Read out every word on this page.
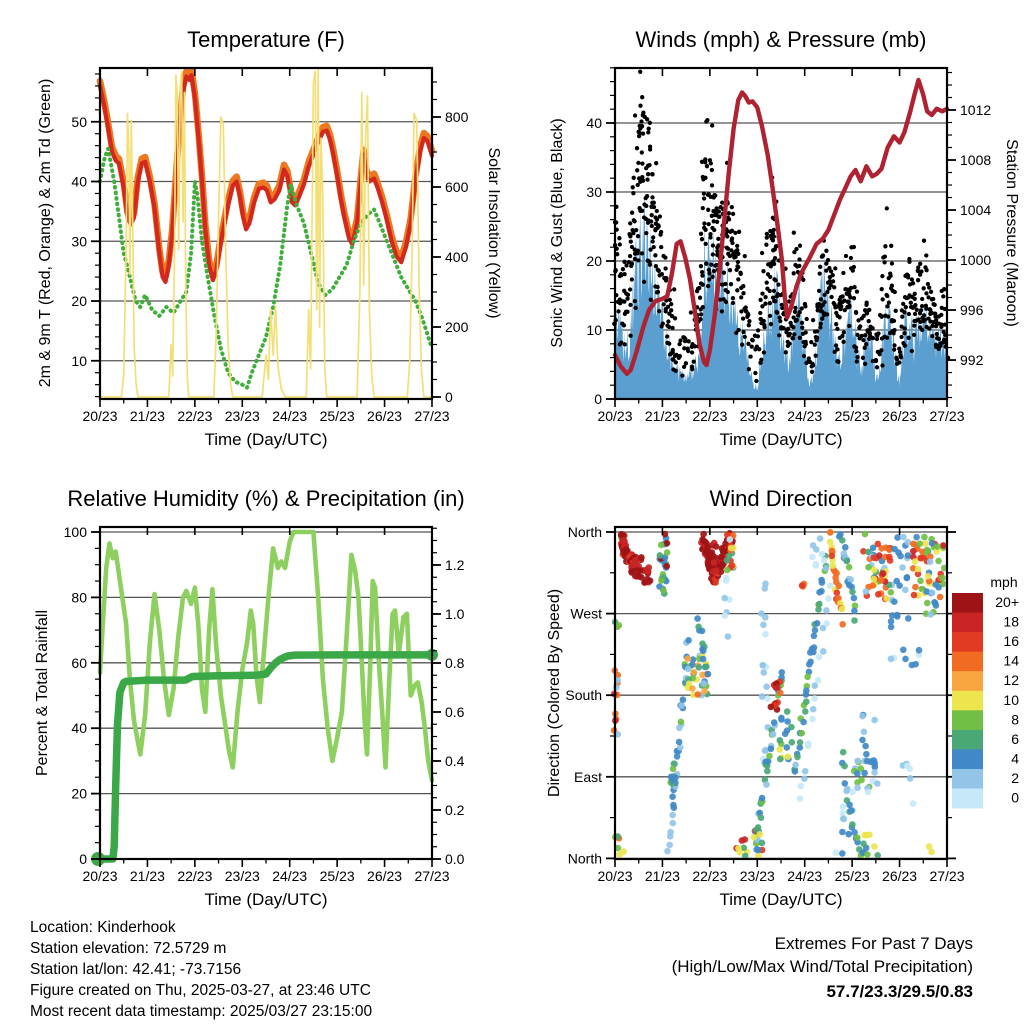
20/23 21/23 22/23 23/23 24/23 25/23 26/23 27/23
10
20
30
40
50
0
200
400
600
800
20/23 21/23 22/23 23/23 24/23 25/23 26/23 27/23
0
10
20
30
40
992
996
1000
1004
1008
1012
20/23 21/23 22/23 23/23 24/23 25/23 26/23 27/23
0
20
40
60
80
100
0.0
0.2
0.4
0.6
0.8
1.0
1.2
20/23 21/23 22/23 23/23 24/23 25/23 26/23 27/23
North
West
South
East
North
20+
18
16
14
12
10
8
6
4
2
0
Temperature (F)	Winds (mph) & Pressure (mb)
Relative Humidity (%) & Precipitation (in)	Wind Direction
2m & 9m T (Red, Orange) & 2m Td (Green)	Solar Insolation (Yellow)	Sonic Wind & Gust (Blue, Black)	Station Pressure (Maroon)
Percent & Total Rainfall	Direction (Colored By Speed)
Time (Day/UTC)	Time (Day/UTC)
Time (Day/UTC)	Time (Day/UTC)
mph
Location: Kinderhook
Station elevation: 72.5729 m
Station lat/lon: 42.41; -73.7156
Figure created on Thu, 2025-03-27, at 23:46 UTC
Most recent data timestamp: 2025/03/27 23:15:00
Extremes For Past 7 Days
(High/Low/Max Wind/Total Precipitation)
57.7/23.3/29.5/0.83
